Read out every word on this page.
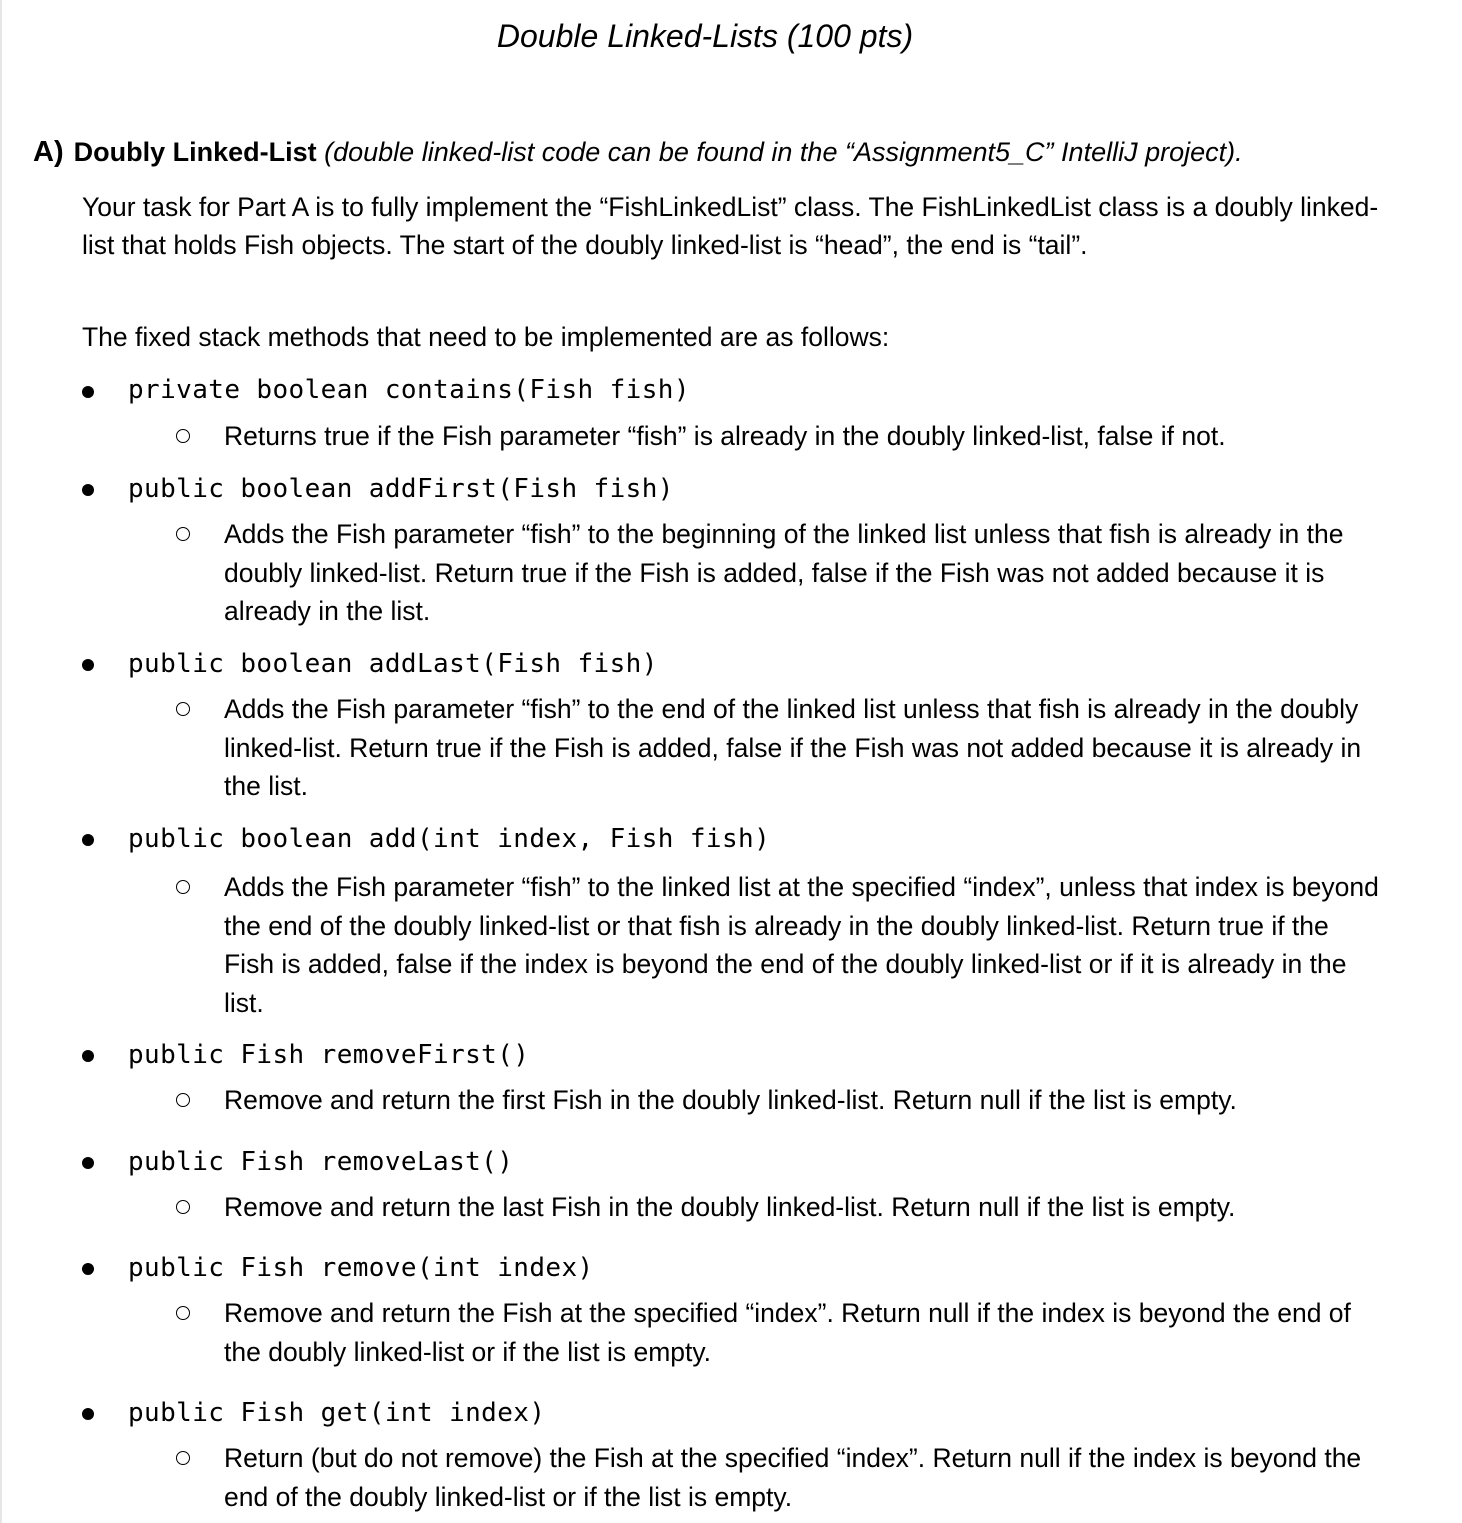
Double Linked-Lists (100 pts)
A) Doubly Linked-List (double linked-list code can be found in the “Assignment5_C” IntelliJ project).
Your task for Part A is to fully implement the “FishLinkedList” class. The FishLinkedList class is a doubly linked-list that holds Fish objects. The start of the doubly linked-list is “head”, the end is “tail”.
The fixed stack methods that need to be implemented are as follows:
private boolean contains(Fish fish)
Returns true if the Fish parameter “fish” is already in the doubly linked-list, false if not.
public boolean addFirst(Fish fish)
Adds the Fish parameter “fish” to the beginning of the linked list unless that fish is already in the doubly linked-list. Return true if the Fish is added, false if the Fish was not added because it is already in the list.
public boolean addLast(Fish fish)
Adds the Fish parameter “fish” to the end of the linked list unless that fish is already in the doubly linked-list. Return true if the Fish is added, false if the Fish was not added because it is already in the list.
public boolean add(int index, Fish fish)
Adds the Fish parameter “fish” to the linked list at the specified “index”, unless that index is beyond the end of the doubly linked-list or that fish is already in the doubly linked-list. Return true if the Fish is added, false if the index is beyond the end of the doubly linked-list or if it is already in the list.
public Fish removeFirst()
Remove and return the first Fish in the doubly linked-list. Return null if the list is empty.
public Fish removeLast()
Remove and return the last Fish in the doubly linked-list. Return null if the list is empty.
public Fish remove(int index)
Remove and return the Fish at the specified “index”. Return null if the index is beyond the end of the doubly linked-list or if the list is empty.
public Fish get(int index)
Return (but do not remove) the Fish at the specified “index”. Return null if the index is beyond the end of the doubly linked-list or if the list is empty.
